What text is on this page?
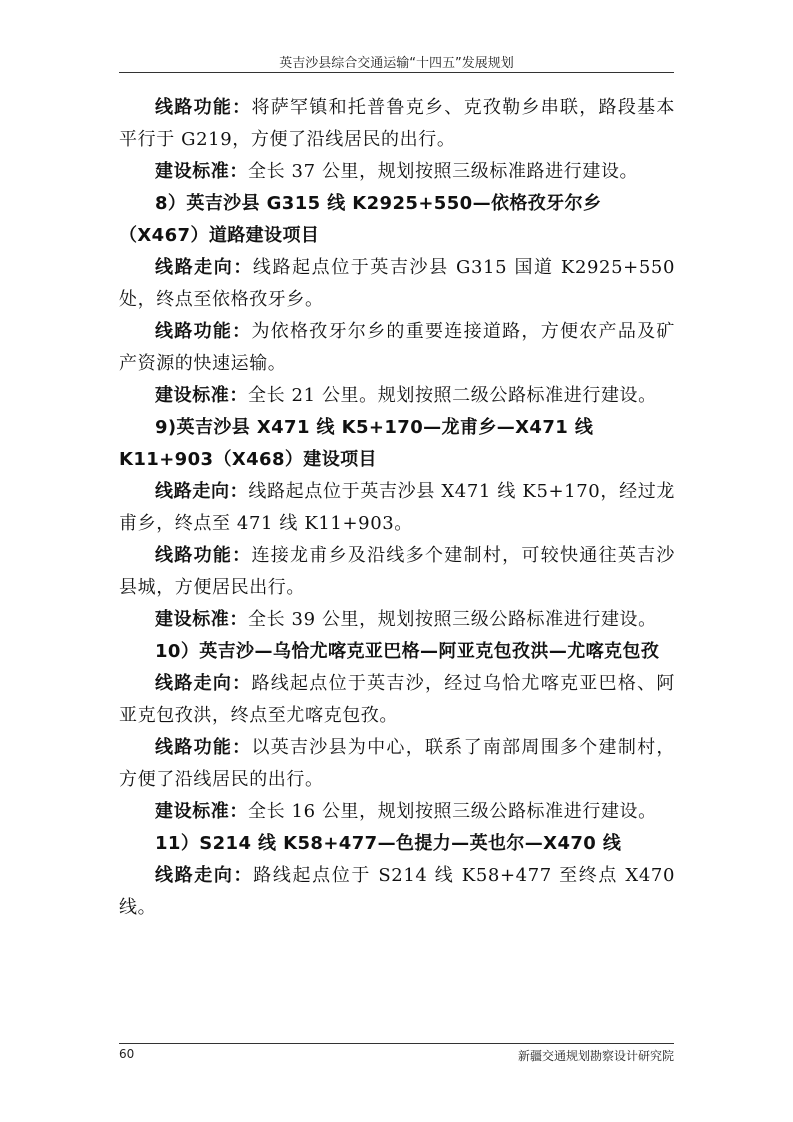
英吉沙县综合交通运输“十四五”发展规划

线路功能：将萨罕镇和托普鲁克乡、克孜勒乡串联，路段基本平行于 G219，方便了沿线居民的出行。

建设标准：全长 37 公里，规划按照三级标准路进行建设。

8）英吉沙县 G315 线 K2925+550—依格孜牙尔乡（X467）道路建设项目

线路走向：线路起点位于英吉沙县 G315 国道 K2925+550 处，终点至依格孜牙乡。

线路功能：为依格孜牙尔乡的重要连接道路，方便农产品及矿产资源的快速运输。

建设标准：全长 21 公里。规划按照二级公路标准进行建设。

9)英吉沙县 X471 线 K5+170—龙甫乡—X471 线 K11+903（X468）建设项目

线路走向：线路起点位于英吉沙县 X471 线 K5+170，经过龙甫乡，终点至 471 线 K11+903。

线路功能：连接龙甫乡及沿线多个建制村，可较快通往英吉沙县城，方便居民出行。

建设标准：全长 39 公里，规划按照三级公路标准进行建设。

10）英吉沙—乌恰尤喀克亚巴格—阿亚克包孜洪—尤喀克包孜

线路走向：路线起点位于英吉沙，经过乌恰尤喀克亚巴格、阿亚克包孜洪，终点至尤喀克包孜。

线路功能：以英吉沙县为中心，联系了南部周围多个建制村，方便了沿线居民的出行。

建设标准：全长 16 公里，规划按照三级公路标准进行建设。

11）S214 线 K58+477—色提力—英也尔—X470 线

线路走向：路线起点位于 S214 线 K58+477 至终点 X470 线。

60	新疆交通规划勘察设计研究院
